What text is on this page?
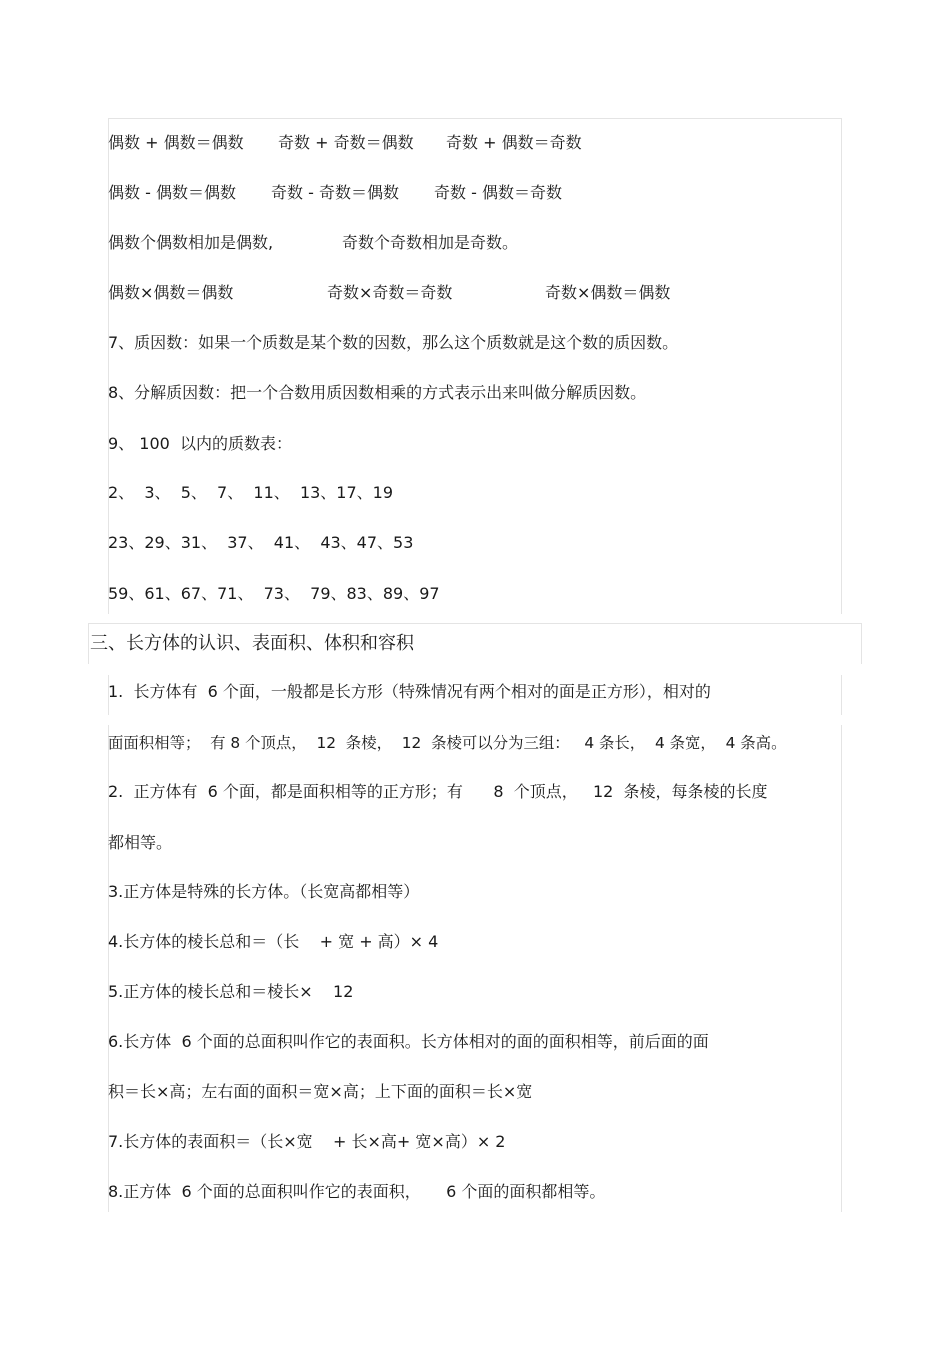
偶数 + 偶数＝偶数

奇数 + 奇数＝偶数

奇数 + 偶数＝奇数

偶数 - 偶数＝偶数

奇数 - 奇数＝偶数

奇数 - 偶数＝奇数

偶数个偶数相加是偶数,

	奇数个奇数相加是奇数。

偶数×偶数＝偶数

	奇数×奇数＝奇数

	奇数×偶数＝偶数

7、质因数：如果一个质数是某个数的因数，那么这个质数就是这个数的质因数。
8、分解质因数：把一个合数用质因数相乘的方式表示出来叫做分解质因数。
9、 100  以内的质数表：
2、  3、  5、  7、  11、  13、17、19
23、29、31、  37、  41、  43、47、53
59、61、67、71、  73、  79、83、89、97
三、长方体的认识、表面积、体积和容积
1.  长方体有  6 个面，一般都是长方形（特殊情况有两个相对的面是正方形），相对的
面面积相等；  有 8 个顶点，  12  条棱，  12  条棱可以分为三组：   4 条长，  4 条宽，  4 条高。
2.  正方体有  6 个面，都是面积相等的正方形；有      8  个顶点，   12  条棱，每条棱的长度
都相等。
3.正方体是特殊的长方体。（长宽高都相等）
4.长方体的棱长总和＝（长    + 宽 + 高）× 4
5.正方体的棱长总和＝棱长×    12
6.长方体  6 个面的总面积叫作它的表面积。长方体相对的面的面积相等，前后面的面
积＝长×高；左右面的面积＝宽×高；上下面的面积＝长×宽
7.长方体的表面积＝（长×宽    + 长×高+ 宽×高）× 2
8.正方体  6 个面的总面积叫作它的表面积，     6 个面的面积都相等。
